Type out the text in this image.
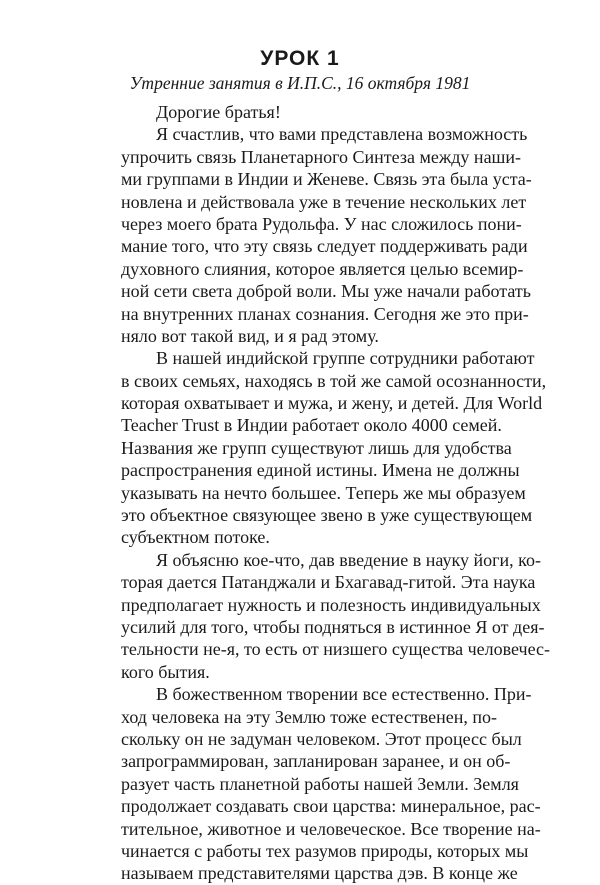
УРОК 1
Утренние занятия в И.П.С., 16 октября 1981
Дорогие братья!
Я счастлив, что вами представлена возможность
упрочить связь Планетарного Синтеза между наши-
ми группами в Индии и Женеве. Связь эта была уста-
новлена и действовала уже в течение нескольких лет
через моего брата Рудольфа. У нас сложилось пони-
мание того, что эту связь следует поддерживать ради
духовного слияния, которое является целью всемир-
ной сети света доброй воли. Мы уже начали работать
на внутренних планах сознания. Сегодня же это при-
няло вот такой вид, и я рад этому.
В нашей индийской группе сотрудники работают
в своих семьях, находясь в той же самой осознанности,
которая охватывает и мужа, и жену, и детей. Для World
Teacher Trust в Индии работает около 4000 семей.
Названия же групп существуют лишь для удобства
распространения единой истины. Имена не должны
указывать на нечто большее. Теперь же мы образуем
это объектное связующее звено в уже существующем
субъектном потоке.
Я объясню кое-что, дав введение в науку йоги, ко-
торая дается Патанджали и Бхагавад-гитой. Эта наука
предполагает нужность и полезность индивидуальных
усилий для того, чтобы подняться в истинное Я от дея-
тельности не-я, то есть от низшего существа человечес-
кого бытия.
В божественном творении все естественно. При-
ход человека на эту Землю тоже естественен, по-
скольку он не задуман человеком. Этот процесс был
запрограммирован, запланирован заранее, и он об-
разует часть планетной работы нашей Земли. Земля
продолжает создавать свои царства: минеральное, рас-
тительное, животное и человеческое. Все творение на-
чинается с работы тех разумов природы, которых мы
называем представителями царства дэв. В конце же
